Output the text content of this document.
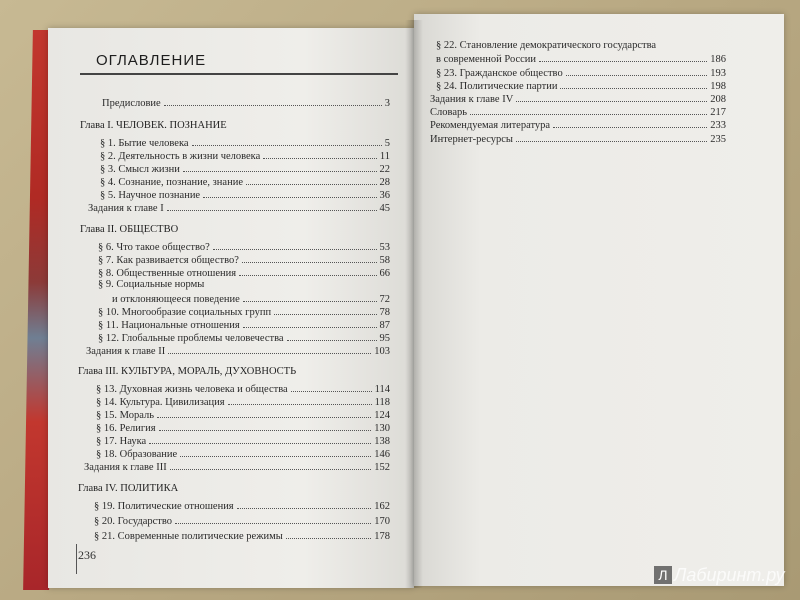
ОГЛАВЛЕНИЕ
Предисловие	3
Глава I. ЧЕЛОВЕК. ПОЗНАНИЕ
§ 1. Бытие человека	5
§ 2. Деятельность в жизни человека	11
§ 3. Смысл жизни	22
§ 4. Сознание, познание, знание	28
§ 5. Научное познание	36
Задания к главе I	45
Глава II. ОБЩЕСТВО
§ 6. Что такое общество?	53
§ 7. Как развивается общество?	58
§ 8. Общественные отношения	66
§ 9. Социальные нормы
и отклоняющееся поведение	72
§ 10. Многообразие социальных групп	78
§ 11. Национальные отношения	87
§ 12. Глобальные проблемы человечества	95
Задания к главе II	103
Глава III. КУЛЬТУРА, МОРАЛЬ, ДУХОВНОСТЬ
§ 13. Духовная жизнь человека и общества	114
§ 14. Культура. Цивилизация	118
§ 15. Мораль	124
§ 16. Религия	130
§ 17. Наука	138
§ 18. Образование	146
Задания к главе III	152
Глава IV. ПОЛИТИКА
§ 19. Политические отношения	162
§ 20. Государство	170
§ 21. Современные политические режимы	178
236
§ 22. Становление демократического государства
в современной России	186
§ 23. Гражданское общество	193
§ 24. Политические партии	198
Задания к главе IV	208
Словарь	217
Рекомендуемая литература	233
Интернет-ресурсы	235
Л Лабиринт.ру
